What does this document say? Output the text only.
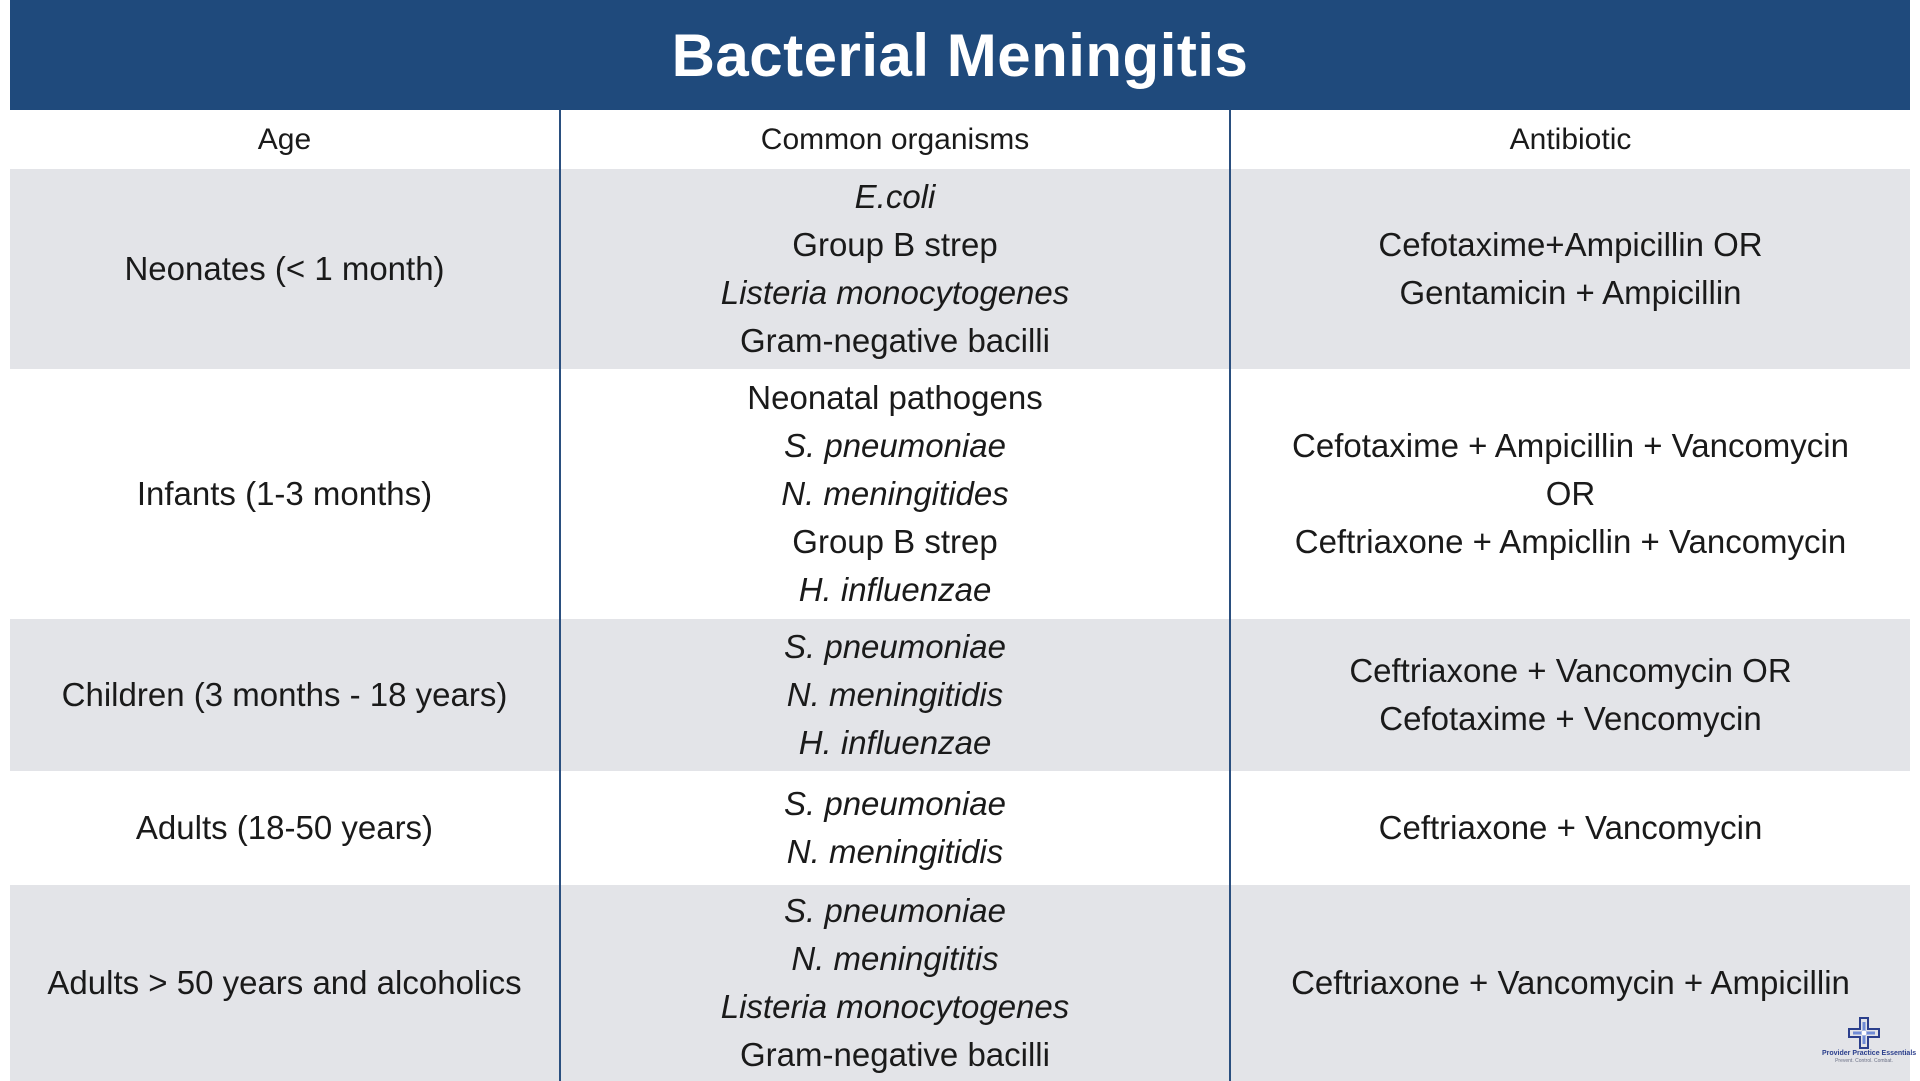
Bacterial Meningitis
Age	Common organisms	Antibiotic
Neonates (< 1 month)	E.coli
Group B strep
Listeria monocytogenes
Gram-negative bacilli	Cefotaxime+Ampicillin OR
Gentamicin + Ampicillin

Infants (1-3 months)	Neonatal pathogens
S. pneumoniae
N. meningitides
Group B strep
H. influenzae	Cefotaxime + Ampicillin + Vancomycin
OR
Ceftriaxone + Ampicllin + Vancomycin

Children (3 months - 18 years)	S. pneumoniae
N. meningitidis
H. influenzae	Ceftriaxone + Vancomycin OR
Cefotaxime + Vencomycin

Adults (18-50 years)	S. pneumoniae
N. meningitidis	Ceftriaxone + Vancomycin

Adults > 50 years and alcoholics	S. pneumoniae
N. meningititis
Listeria monocytogenes
Gram-negative bacilli	Ceftriaxone + Vancomycin + Ampicillin
Provider Practice Essentials
Prevent. Control. Combat.
